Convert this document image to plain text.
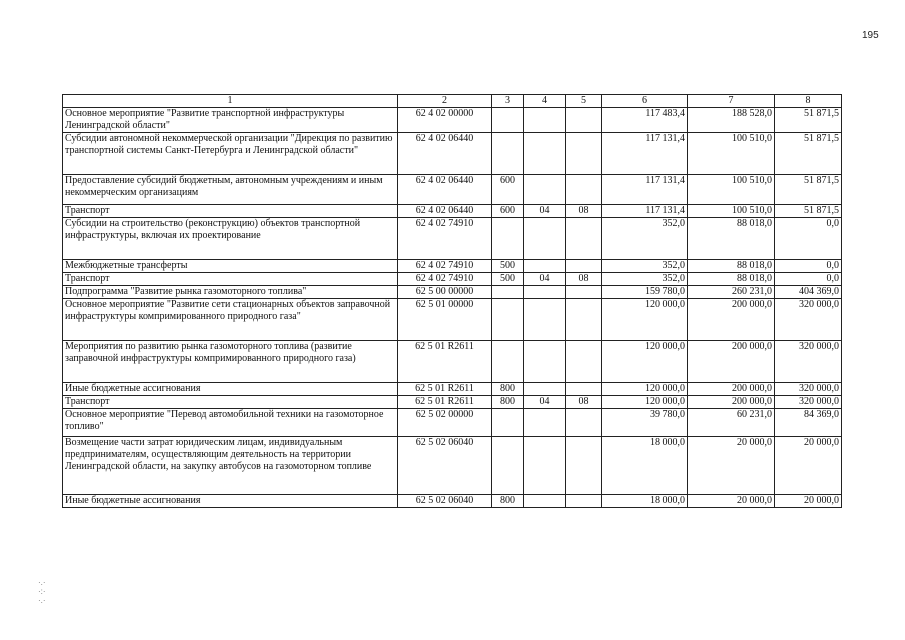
195
1	2	3	4	5	6	7	8
Основное мероприятие "Развитие транспортной инфраструктуры Ленинградской области"	62 4 02 00000				117 483,4	188 528,0	51 871,5
Субсидии автономной некоммерческой организации "Дирекция по развитию транспортной системы Санкт-Петербурга и Ленинградской области"	62 4 02 06440				117 131,4	100 510,0	51 871,5
Предоставление субсидий бюджетным, автономным учреждениям и иным некоммерческим организациям	62 4 02 06440	600			117 131,4	100 510,0	51 871,5
Транспорт	62 4 02 06440	600	04	08	117 131,4	100 510,0	51 871,5
Субсидии на строительство (реконструкцию) объектов транспортной инфраструктуры, включая их проектирование	62 4 02 74910				352,0	88 018,0	0,0
Межбюджетные трансферты	62 4 02 74910	500			352,0	88 018,0	0,0
Транспорт	62 4 02 74910	500	04	08	352,0	88 018,0	0,0
Подпрограмма "Развитие рынка газомоторного топлива"	62 5 00 00000				159 780,0	260 231,0	404 369,0
Основное мероприятие "Развитие сети стационарных объектов заправочной инфраструктуры компримированного природного газа"	62 5 01 00000				120 000,0	200 000,0	320 000,0
Мероприятия по развитию рынка газомоторного топлива (развитие заправочной инфраструктуры компримированного природного газа)	62 5 01 R2611				120 000,0	200 000,0	320 000,0
Иные бюджетные ассигнования	62 5 01 R2611	800			120 000,0	200 000,0	320 000,0
Транспорт	62 5 01 R2611	800	04	08	120 000,0	200 000,0	320 000,0
Основное мероприятие "Перевод автомобильной техники на газомоторное топливо"	62 5 02 00000				39 780,0	60 231,0	84 369,0
Возмещение части затрат юридическим лицам, индивидуальным предпринимателям, осуществляющим деятельность на территории Ленинградской области, на закупку автобусов на газомоторном топливе	62 5 02 06040				18 000,0	20 000,0	20 000,0
Иные бюджетные ассигнования	62 5 02 06040	800			18 000,0	20 000,0	20 000,0
·.·
·:·
·.·
